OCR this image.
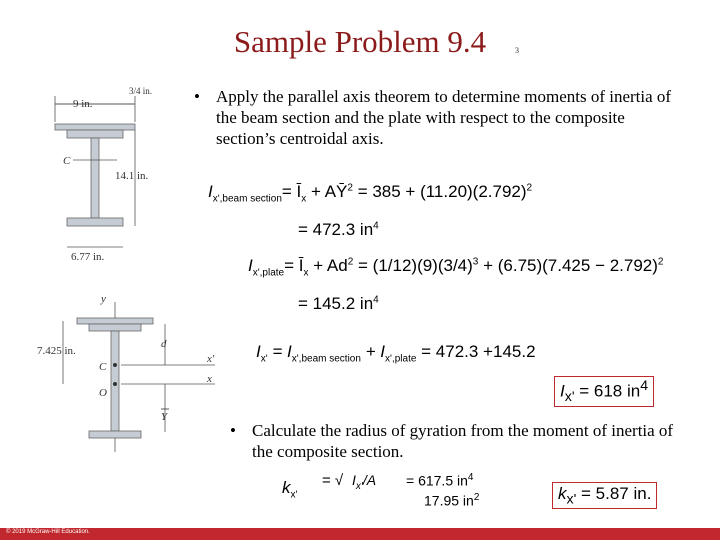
Sample Problem 9.4	3
9 in.
C
14.1 in.
3/4 in.
6.77 in.
y
C
O
x'
x
7.425 in.
d
Y
• Apply the parallel axis theorem to determine moments of inertia of the beam section and the plate with respect to the composite section’s centroidal axis.
$I_{x',beam section}=$ $Ī_x$ + $AȲ^2 = 385 + (11.20)(2.792)^2$
= 472.3 $in^4$
$I_{x',plate}=$ $Ī_x + Ad^2 = (1/12)(9)(3/4)^3 + (6.75)(7.425 - 2.792)^2$
= 145.2 $in^4$
$I_{x'} = I_{x',beam section} + I_{x',plate} = 472.3 +145.2$
$I_{x'} = 618$ $in^4$
• Calculate the radius of gyration from the moment of inertia of the composite section.
$k_{x'}$
= √ $I_{x'}/A = 617.5$ $in^4$
17.95 $in^2$	$k_{x'} = 5.87$ in.
© 2019 McGraw-Hill Education.
